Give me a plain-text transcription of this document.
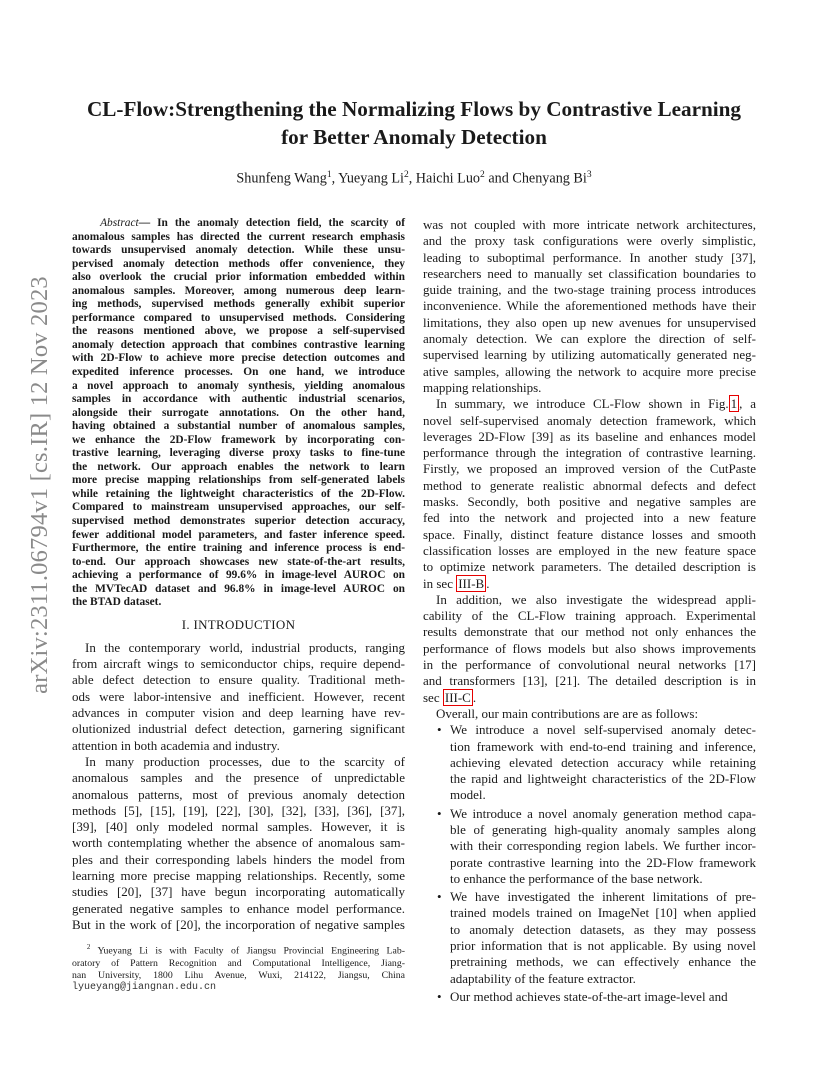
arXiv:2311.06794v1 [cs.IR] 12 Nov 2023
CL-Flow:Strengthening the Normalizing Flows by Contrastive Learning
for Better Anomaly Detection
Shunfeng Wang$^1$, Yueyang Li$^2$, Haichi Luo$^2$ and Chenyang Bi$^3$

Abstract— In the anomaly detection field, the scarcity of

anomalous samples has directed the current research emphasis

towards unsupervised anomaly detection. While these unsu-

pervised anomaly detection methods offer convenience, they

also overlook the crucial prior information embedded within

anomalous samples. Moreover, among numerous deep learn-

ing methods, supervised methods generally exhibit superior

performance compared to unsupervised methods. Considering

the reasons mentioned above, we propose a self-supervised

anomaly detection approach that combines contrastive learning

with 2D-Flow to achieve more precise detection outcomes and

expedited inference processes. On one hand, we introduce

a novel approach to anomaly synthesis, yielding anomalous

samples in accordance with authentic industrial scenarios,

alongside their surrogate annotations. On the other hand,

having obtained a substantial number of anomalous samples,

we enhance the 2D-Flow framework by incorporating con-

trastive learning, leveraging diverse proxy tasks to fine-tune

the network. Our approach enables the network to learn

more precise mapping relationships from self-generated labels

while retaining the lightweight characteristics of the 2D-Flow.

Compared to mainstream unsupervised approaches, our self-

supervised method demonstrates superior detection accuracy,

fewer additional model parameters, and faster inference speed.

Furthermore, the entire training and inference process is end-

to-end. Our approach showcases new state-of-the-art results,

achieving a performance of 99.6% in image-level AUROC on

the MVTecAD dataset and 96.8% in image-level AUROC on

the BTAD dataset.

I. INTRODUCTION

In the contemporary world, industrial products, ranging

from aircraft wings to semiconductor chips, require depend-

able defect detection to ensure quality. Traditional meth-

ods were labor-intensive and inefficient. However, recent

advances in computer vision and deep learning have rev-

olutionized industrial defect detection, garnering significant

attention in both academia and industry.

In many production processes, due to the scarcity of

anomalous samples and the presence of unpredictable

anomalous patterns, most of previous anomaly detection

methods [5], [15], [19], [22], [30], [32], [33], [36], [37],

[39], [40] only modeled normal samples. However, it is

worth contemplating whether the absence of anomalous sam-

ples and their corresponding labels hinders the model from

learning more precise mapping relationships. Recently, some

studies [20], [37] have begun incorporating automatically

generated negative samples to enhance model performance.

But in the work of [20], the incorporation of negative samples

$^2$ Yueyang Li is with Faculty of Jiangsu Provincial Engineering Lab-

oratory of Pattern Recognition and Computational Intelligence, Jiang-

nan University, 1800 Lihu Avenue, Wuxi, 214122, Jiangsu, China

lyueyang@jiangnan.edu.cn

was not coupled with more intricate network architectures,

and the proxy task configurations were overly simplistic,

leading to suboptimal performance. In another study [37],

researchers need to manually set classification boundaries to

guide training, and the two-stage training process introduces

inconvenience. While the aforementioned methods have their

limitations, they also open up new avenues for unsupervised

anomaly detection. We can explore the direction of self-

supervised learning by utilizing automatically generated neg-

ative samples, allowing the network to acquire more precise

mapping relationships.

In summary, we introduce CL-Flow shown in Fig. 1 , a

novel self-supervised anomaly detection framework, which

leverages 2D-Flow [39] as its baseline and enhances model

performance through the integration of contrastive learning.

Firstly, we proposed an improved version of the CutPaste

method to generate realistic abnormal defects and defect

masks. Secondly, both positive and negative samples are

fed into the network and projected into a new feature

space. Finally, distinct feature distance losses and smooth

classification losses are employed in the new feature space

to optimize network parameters. The detailed description is

in sec III-B .

In addition, we also investigate the widespread appli-

cability of the CL-Flow training approach. Experimental

results demonstrate that our method not only enhances the

performance of flows models but also shows improvements

in the performance of convolutional neural networks [17]

and transformers [13], [21]. The detailed description is in

sec III-C .

Overall, our main contributions are are as follows:

• We introduce a novel self-supervised anomaly detec-

tion framework with end-to-end training and inference,

achieving elevated detection accuracy while retaining

the rapid and lightweight characteristics of the 2D-Flow

model.

• We introduce a novel anomaly generation method capa-

ble of generating high-quality anomaly samples along

with their corresponding region labels. We further incor-

porate contrastive learning into the 2D-Flow framework

to enhance the performance of the base network.

• We have investigated the inherent limitations of pre-

trained models trained on ImageNet [10] when applied

to anomaly detection datasets, as they may possess

prior information that is not applicable. By using novel

pretraining methods, we can effectively enhance the

adaptability of the feature extractor.

• Our method achieves state-of-the-art image-level and
